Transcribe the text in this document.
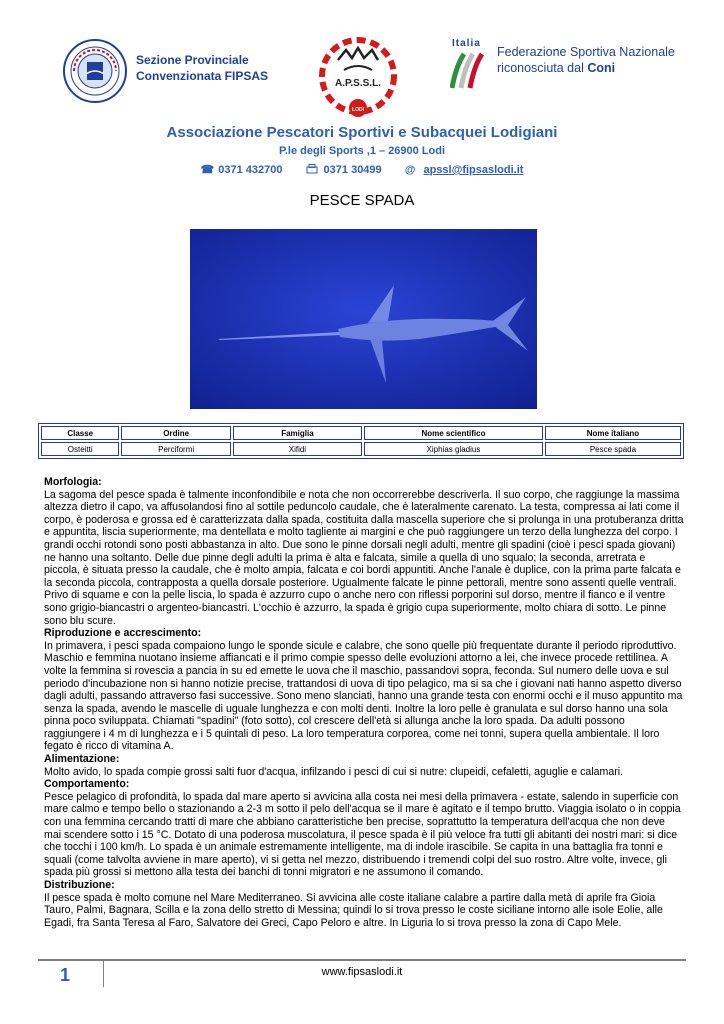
Sezione Provinciale
Convenzionata FIPSAS
A.P.S.S.L.
LODI
Italia
Federazione Sportiva Nazionale
riconosciuta dal Coni
Associazione Pescatori Sportivi e Subacquei Lodigiani
P.le degli Sports ,1 – 26900 Lodi
☎ 0371 432700	0371 30499 @ apssl@fipsaslodi.it
PESCE SPADA
Classe	Ordine	Famiglia	Nome scientifico	Nome italiano
Osteitti	Perciformi	Xifidi	Xiphias gladius	Pesce spada

Morfologia:

La sagoma del pesce spada è talmente inconfondibile e nota che non occorrerebbe descriverla. Il suo corpo, che raggiunge la massima altezza dietro il capo, va affusolandosi fino al sottile peduncolo caudale, che è lateralmente carenato. La testa, compressa ai lati come il corpo, è poderosa e grossa ed è caratterizzata dalla spada, costituita dalla mascella superiore che si prolunga in una protuberanza dritta e appuntita, liscia superiormente, ma dentellata e molto tagliente ai margini e che può raggiungere un terzo della lunghezza del corpo. I grandi occhi rotondi sono posti abbastanza in alto. Due sono le pinne dorsali negli adulti, mentre gli spadini (cioè i pesci spada giovani) ne hanno una soltanto. Delle due pinne degli adulti la prima è alta e falcata, simile a quella di uno squalo; la seconda, arretrata e piccola, è situata presso la caudale, che è molto ampia, falcata e coi bordi appuntiti. Anche l'anale è duplice, con la prima parte falcata e la seconda piccola, contrapposta a quella dorsale posteriore. Ugualmente falcate le pinne pettorali, mentre sono assenti quelle ventrali. Privo di squame e con la pelle liscia, lo spada è azzurro cupo o anche nero con riflessi porporini sul dorso, mentre il fianco e il ventre sono grigio-biancastri o argenteo-biancastri. L'occhio è azzurro, la spada è grigio cupa superiormente, molto chiara di sotto. Le pinne sono blu scure.

Riproduzione e accrescimento:

In primavera, i pesci spada compaiono lungo le sponde sicule e calabre, che sono quelle più frequentate durante il periodo riproduttivo. Maschio e femmina nuotano insieme affiancati e il primo compie spesso delle evoluzioni attorno a lei, che invece procede rettilinea. A volte la femmina si rovescia a pancia in su ed emette le uova che il maschio, passandovi sopra, feconda. Sul numero delle uova e sul periodo d'incubazione non si hanno notizie precise, trattandosi di uova di tipo pelagico, ma si sa che i giovani nati hanno aspetto diverso dagli adulti, passando attraverso fasi successive. Sono meno slanciati, hanno una grande testa con enormi occhi e il muso appuntito ma senza la spada, avendo le mascelle di uguale lunghezza e con molti denti. Inoltre la loro pelle è granulata e sul dorso hanno una sola pinna poco sviluppata. Chiamati "spadini" (foto sotto), col crescere dell'età si allunga anche la loro spada. Da adulti possono raggiungere i 4 m di lunghezza e i 5 quintali di peso. La loro temperatura corporea, come nei tonni, supera quella ambientale. Il loro fegato è ricco di vitamina A.

Alimentazione:

Molto avido, lo spada compie grossi salti fuor d'acqua, infilzando i pesci di cui si nutre: clupeidi, cefaletti, aguglie e calamari.

Comportamento:

Pesce pelagico di profondità, lo spada dal mare aperto si avvicina alla costa nei mesi della primavera - estate, salendo in superficie con mare calmo e tempo bello o stazionando a 2-3 m sotto il pelo dell'acqua se il mare è agitato e il tempo brutto. Viaggia isolato o in coppia con una femmina cercando tratti di mare che abbiano caratteristiche ben precise, soprattutto la temperatura dell'acqua che non deve mai scendere sotto i 15 °C. Dotato di una poderosa muscolatura, il pesce spada è il più veloce fra tutti gli abitanti dei nostri mari: si dice che tocchi i 100 km/h. Lo spada è un animale estremamente intelligente, ma di indole irascibile. Se capita in una battaglia fra tonni e squali (come talvolta avviene in mare aperto), vi si getta nel mezzo, distribuendo i tremendi colpi del suo rostro. Altre volte, invece, gli spada più grossi si mettono alla testa dei banchi di tonni migratori e ne assumono il comando.

Distribuzione:

Il pesce spada è molto comune nel Mare Mediterraneo. Si avvicina alle coste italiane calabre a partire dalla metà di aprile fra Gioia Tauro, Palmi, Bagnara, Scilla e la zona dello stretto di Messina; quindi lo si trova presso le coste siciliane intorno alle isole Eolie, alle Egadi, fra Santa Teresa al Faro, Salvatore dei Greci, Capo Peloro e altre. In Liguria lo si trova presso la zona di Capo Mele.

1	www.fipsaslodi.it
